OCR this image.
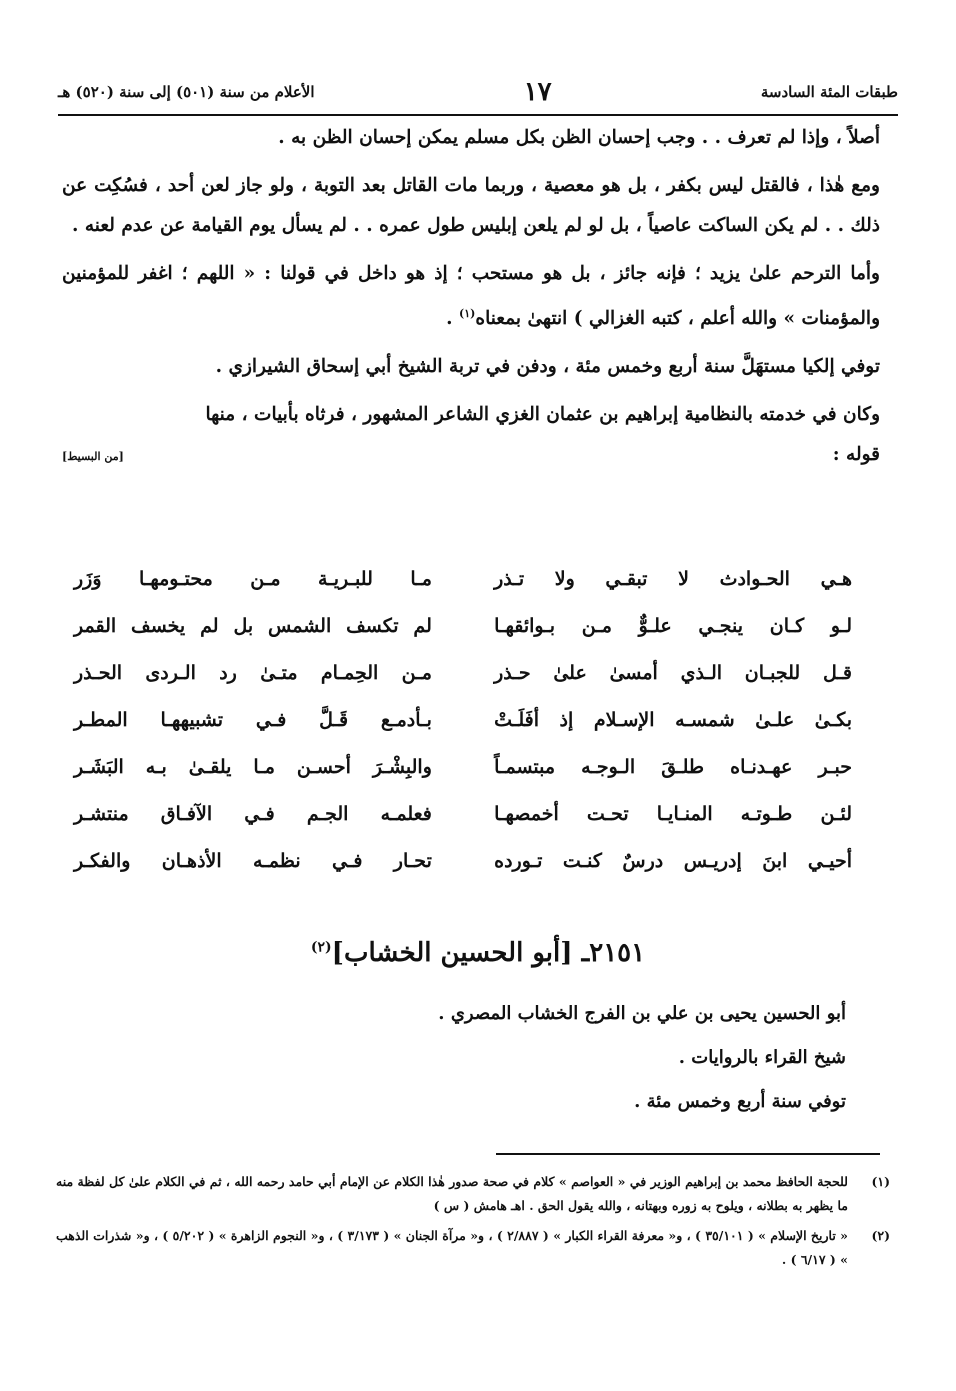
طبقات المئة السادسة
١٧
الأعلام من سنة (٥٠١) إلى سنة (٥٢٠) هـ

أصلاً ، وإذا لم تعرف . . وجب إحسان الظن بكل مسلم يمكن إحسان الظن به .

ومع هٰذا ، فالقتل ليس بكفر ، بل هو معصية ، وربما مات القاتل بعد التوبة ، ولو جاز لعن أحد ، فسُكِت عن ذلك . . لم يكن الساكت عاصياً ، بل لو لم يلعن إبليس طول عمره . . لم يسأل يوم القيامة عن عدم لعنه .

وأما الترحم علىٰ يزيد ؛ فإنه جائز ، بل هو مستحب ؛ إذ هو داخل في قولنا : « اللهم ؛ اغفر للمؤمنين والمؤمنات » والله أعلم ، كتبه الغزالي ) انتهىٰ بمعناه$^{(١)}$ .

توفي إلكيا مستهَلَّ سنة أربع وخمس مئة ، ودفن في تربة الشيخ أبي إسحاق الشيرازي .

وكان في خدمته بالنظامية إبراهيم بن عثمان الغزي الشاعر المشهور ، فرثاه بأبيات ، منها

قوله :
[من البسيط]
هـي الحـوادث لا تبقـي ولا تـذر
مـا للبـريـة مـن محتـومهـا وَزَر
لـو كـان ينجـي علـوٌّ مـن بـوائقهـا
لم تكسف الشمس بل لم يخسف القمر
قـل للجبـان الـذي أمسىٰ علىٰ حـذر
مـن الحِمـام متـىٰ رد الـردى الحـذر
بكـىٰ علـىٰ شمسـه الإسـلام إذ أفَلَـتْ
بـأدمـع قَـلَّ فـي تشبيههـا المطـر
حبـر عهـدنـاه طلـقَ الـوجـه مبتسمـاً
والبِشْـرَ أحسـن مـا يلقـىٰ بـه البَشَـر
لئـن طـوتـه المنـايـا تحـت أخمصهـا
فعلمـه الجـم فـي الآفـاق منتشـر
أحيـي ابنَ إدريـس درسٌ كنـت تـورده
تحـار فـي نظمـه الأذهـان والفكـر
٢١٥١ـ [أبو الحسين الخشاب]$^{(٢)}$
أبو الحسين يحيى بن علي بن الفرج الخشاب المصري .
شيخ القراء بالروايات .
توفي سنة أربع وخمس مئة .
(١)
للحجة الحافظ محمد بن إبراهيم الوزير في « العواصم » كلام في صحة صدور هٰذا الكلام عن الإمام أبي حامد رحمه الله ، ثم في الكلام علىٰ كل لفظة منه ما يظهر به بطلانه ، ويلوح به زوره وبهتانه ، والله يقول الحق . اهـ هامش ( س )
(٢)
« تاريخ الإسلام » ( ٣٥/١٠١ ) ، و« معرفة القراء الكبار » ( ٢/٨٨٧ ) ، و« مرآة الجنان » ( ٣/١٧٣ ) ، و« النجوم الزاهرة » ( ٥/٢٠٢ ) ، و« شذرات الذهب » ( ٦/١٧ ) .
